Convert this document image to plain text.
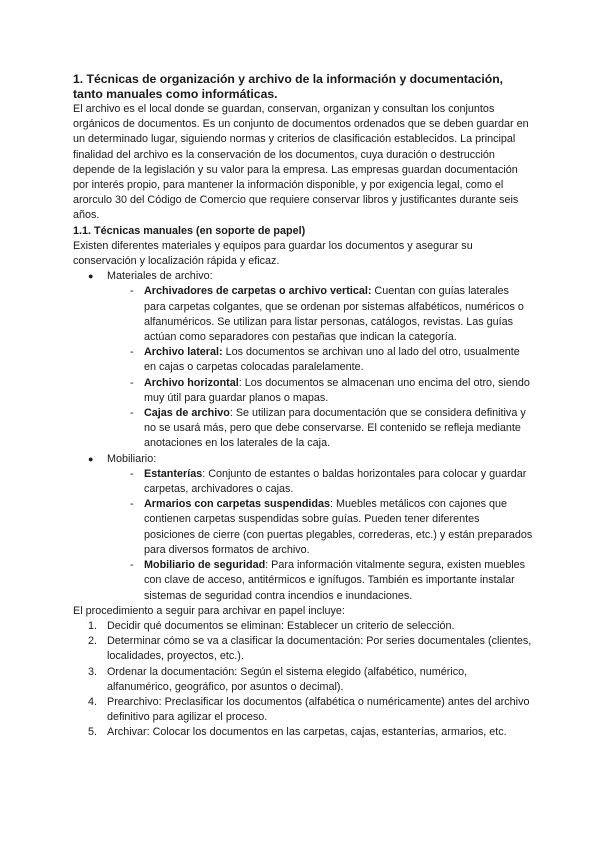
1. Técnicas de organización y archivo de la información y documentación, tanto manuales como informáticas.

El archivo es el local donde se guardan, conservan, organizan y consultan los conjuntos orgánicos de documentos. Es un conjunto de documentos ordenados que se deben guardar en un determinado lugar, siguiendo normas y criterios de clasificación establecidos. La principal finalidad del archivo es la conservación de los documentos, cuya duración o destrucción depende de la legislación y su valor para la empresa. Las empresas guardan documentación por interés propio, para mantener la información disponible, y por exigencia legal, como el arorculo 30 del Código de Comercio que requiere conservar libros y justificantes durante seis años.

1.1. Técnicas manuales (en soporte de papel)

Existen diferentes materiales y equipos para guardar los documentos y asegurar su conservación y localización rápida y eficaz.

● Materiales de archivo:
- Archivadores de carpetas o archivo vertical: Cuentan con guías laterales para carpetas colgantes, que se ordenan por sistemas alfabéticos, numéricos o alfanuméricos. Se utilizan para listar personas, catálogos, revistas. Las guías actúan como separadores con pestañas que indican la categoría.
- Archivo lateral: Los documentos se archivan uno al lado del otro, usualmente en cajas o carpetas colocadas paralelamente.
- Archivo horizontal: Los documentos se almacenan uno encima del otro, siendo muy útil para guardar planos o mapas.
- Cajas de archivo: Se utilizan para documentación que se considera definitiva y no se usará más, pero que debe conservarse. El contenido se refleja mediante anotaciones en los laterales de la caja.
● Mobiliario:
- Estanterías: Conjunto de estantes o baldas horizontales para colocar y guardar carpetas, archivadores o cajas.
- Armarios con carpetas suspendidas: Muebles metálicos con cajones que contienen carpetas suspendidas sobre guías. Pueden tener diferentes posiciones de cierre (con puertas plegables, correderas, etc.) y están preparados para diversos formatos de archivo.
- Mobiliario de seguridad: Para información vitalmente segura, existen muebles con clave de acceso, antitérmicos e ignífugos. También es importante instalar sistemas de seguridad contra incendios e inundaciones.

El procedimiento a seguir para archivar en papel incluye:

1. Decidir qué documentos se eliminan: Establecer un criterio de selección.
2. Determinar cómo se va a clasificar la documentación: Por series documentales (clientes, localidades, proyectos, etc.).
3. Ordenar la documentación: Según el sistema elegido (alfabético, numérico, alfanumérico, geográfico, por asuntos o decimal).
4. Prearchivo: Preclasificar los documentos (alfabética o numéricamente) antes del archivo definitivo para agilizar el proceso.
5. Archivar: Colocar los documentos en las carpetas, cajas, estanterías, armarios, etc.
